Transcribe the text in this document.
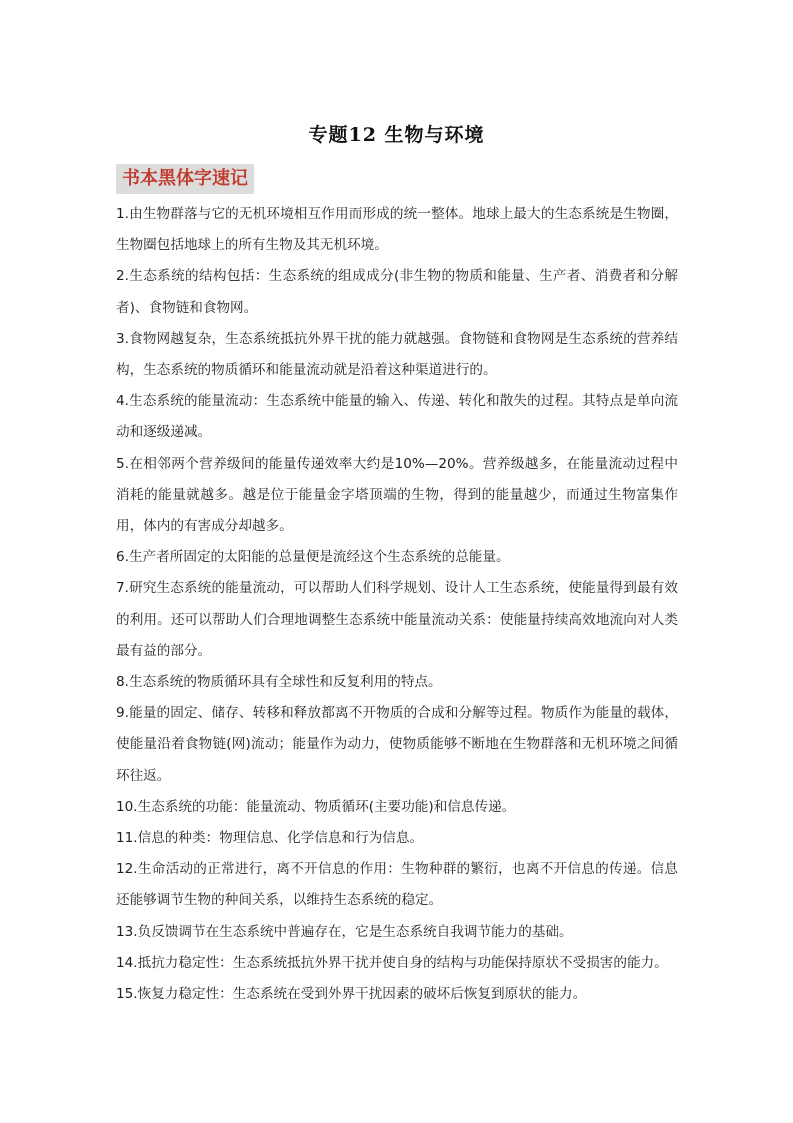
专题12 生物与环境
书本黑体字速记

1.由生物群落与它的无机环境相互作用而形成的统一整体。地球上最大的生态系统是生物圈，生物圈包括地球上的所有生物及其无机环境。

2.生态系统的结构包括：生态系统的组成成分(非生物的物质和能量、生产者、消费者和分解者)、食物链和食物网。

3.食物网越复杂，生态系统抵抗外界干扰的能力就越强。食物链和食物网是生态系统的营养结构，生态系统的物质循环和能量流动就是沿着这种渠道进行的。

4.生态系统的能量流动：生态系统中能量的输入、传递、转化和散失的过程。其特点是单向流动和逐级递减。

5.在相邻两个营养级间的能量传递效率大约是10%—20%。营养级越多，在能量流动过程中消耗的能量就越多。越是位于能量金字塔顶端的生物，得到的能量越少，而通过生物富集作用，体内的有害成分却越多。

6.生产者所固定的太阳能的总量便是流经这个生态系统的总能量。

7.研究生态系统的能量流动，可以帮助人们科学规划、设计人工生态系统，使能量得到最有效的利用。还可以帮助人们合理地调整生态系统中能量流动关系：使能量持续高效地流向对人类最有益的部分。

8.生态系统的物质循环具有全球性和反复利用的特点。

9.能量的固定、储存、转移和释放都离不开物质的合成和分解等过程。物质作为能量的载体，使能量沿着食物链(网)流动；能量作为动力，使物质能够不断地在生物群落和无机环境之间循环往返。

10.生态系统的功能：能量流动、物质循环(主要功能)和信息传递。

11.信息的种类：物理信息、化学信息和行为信息。

12.生命活动的正常进行，离不开信息的作用：生物种群的繁衍，也离不开信息的传递。信息还能够调节生物的种间关系，以维持生态系统的稳定。

13.负反馈调节在生态系统中普遍存在，它是生态系统自我调节能力的基础。

14.抵抗力稳定性：生态系统抵抗外界干扰并使自身的结构与功能保持原状不受损害的能力。

15.恢复力稳定性：生态系统在受到外界干扰因素的破坏后恢复到原状的能力。
